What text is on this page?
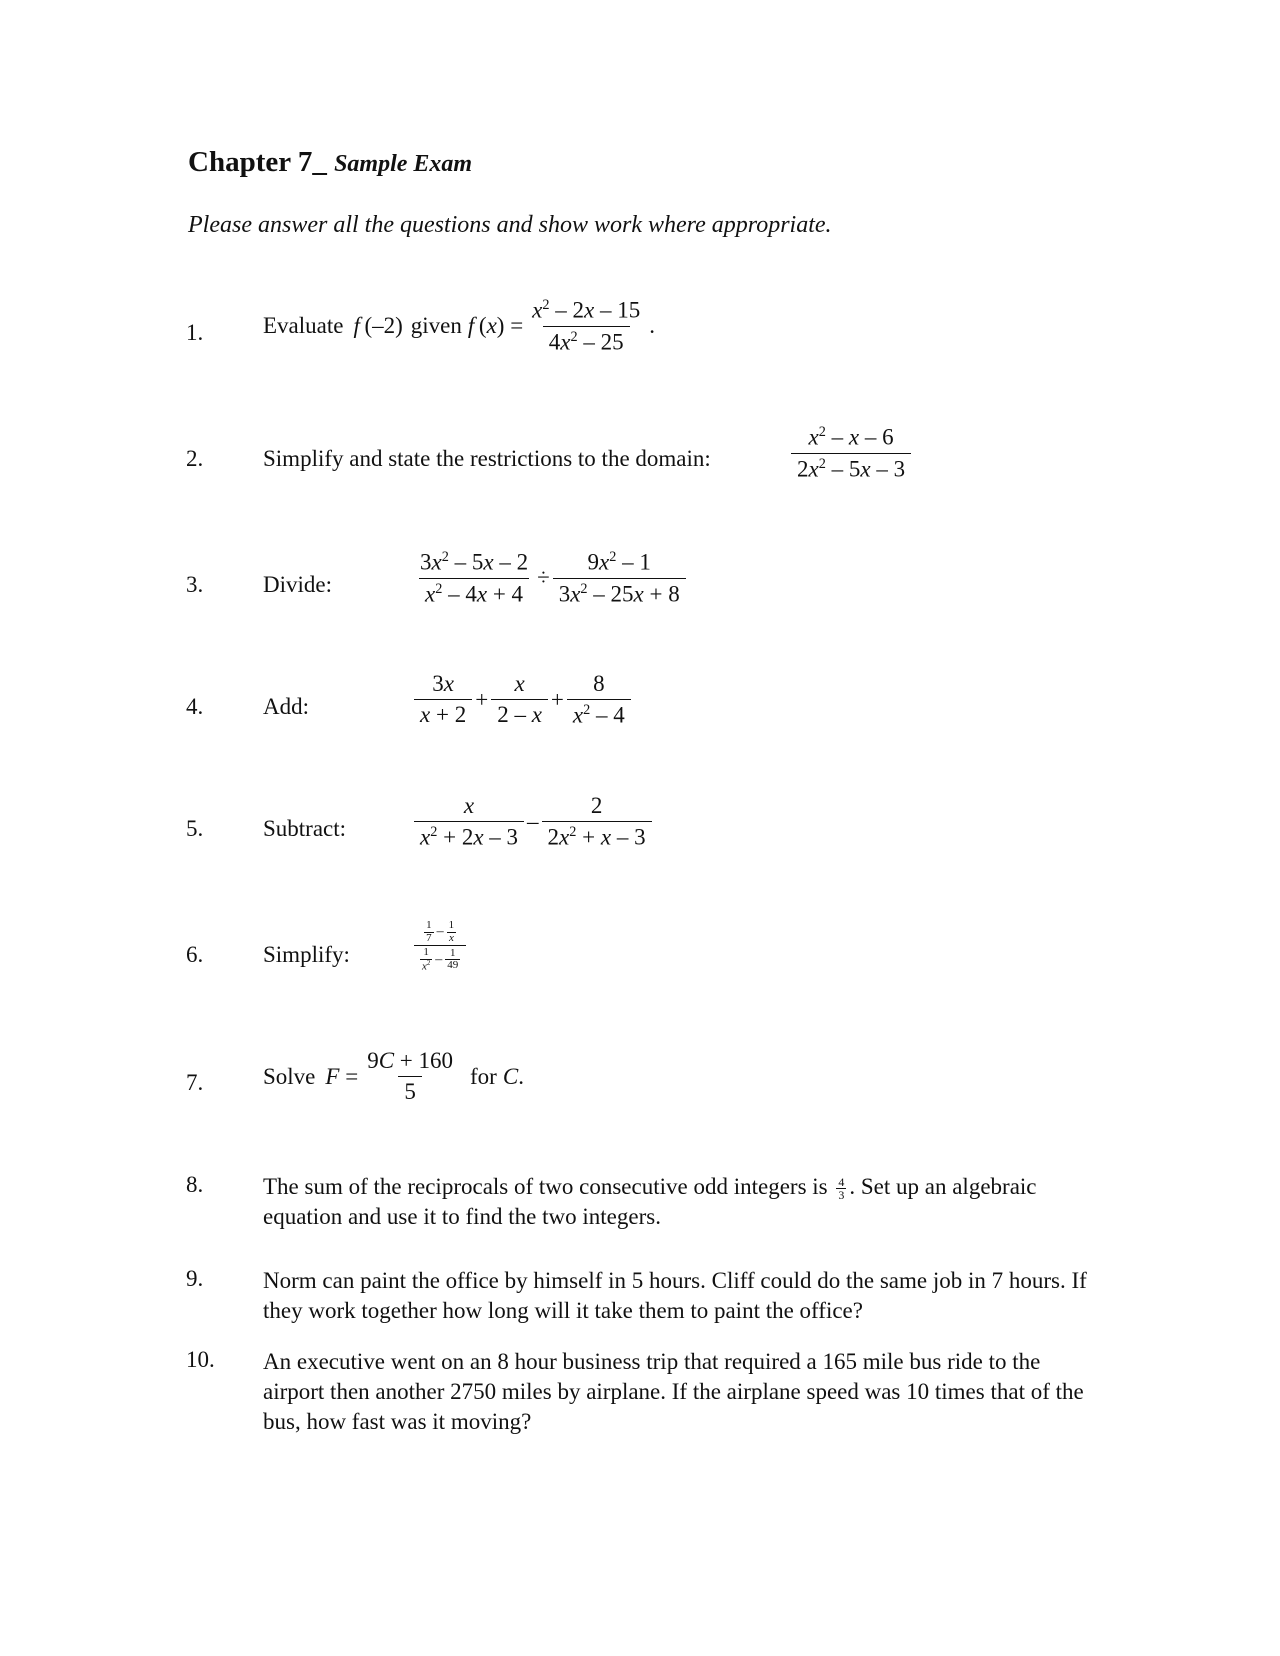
Chapter 7_ Sample Exam
Please answer all the questions and show work where appropriate.
1.	Evaluate f (–2) given f $(x) = \frac{x^2 - 2x - 15}{4x^2 - 25}$ .
2.	Simplify and state the restrictions to the domain:	$\frac{x^2 - x - 6}{2x^2 - 5x - 3}$
3.	Divide:	$\frac{3x^2 - 5x - 2}{x^2 - 4x + 4} \div \frac{9x^2 - 1}{3x^2 - 25x + 8}$
4.	Add:	$\frac{3x}{x + 2} + \frac{x}{2 - x} + \frac{8}{x^2 - 4}$
5.	Subtract:	$\frac{x}{x^2 + 2x - 3} - \frac{2}{2x^2 + x - 3}$
6.	Simplify:	$\frac{\frac{1}{7} - \frac{1}{x}}{\frac{1}{x^2} - \frac{1}{49}}$
7.	Solve $F = \frac{9C + 160}{5}$ for C.
8.	The sum of the reciprocals of two consecutive odd integers is $\frac{4}{3}$ . Set up an algebraic equation and use it to find the two integers.
9.	Norm can paint the office by himself in 5 hours. Cliff could do the same job in 7 hours. If they work together how long will it take them to paint the office?
10. An executive went on an 8 hour business trip that required a 165 mile bus ride to the airport then another 2750 miles by airplane. If the airplane speed was 10 times that of the bus, how fast was it moving?
